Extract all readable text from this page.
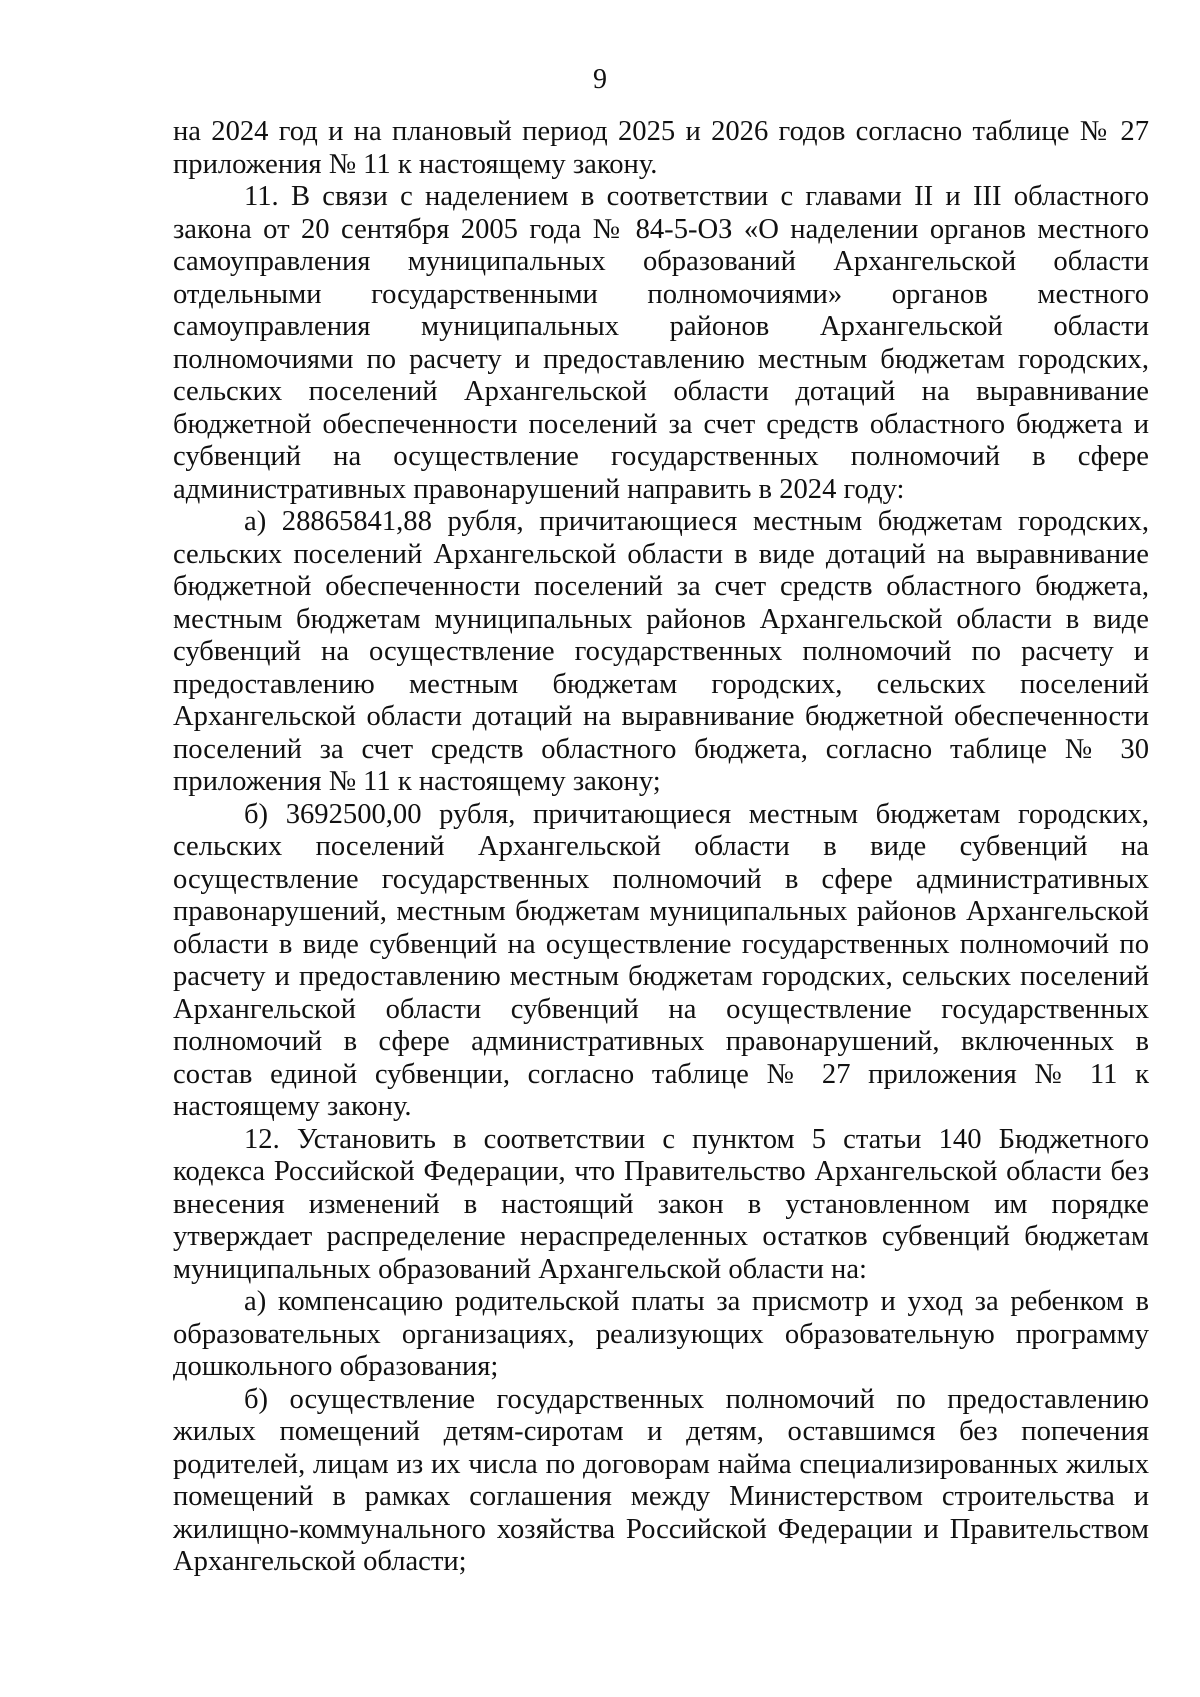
9

на 2024 год и на плановый период 2025 и 2026 годов согласно таблице № 27 приложения № 11 к настоящему закону.

11. В связи с наделением в соответствии с главами II и III областного закона от 20 сентября 2005 года № 84-5-ОЗ «О наделении органов местного самоуправления муниципальных образований Архангельской области отдельными государственными полномочиями» органов местного самоуправления муниципальных районов Архангельской области полномочиями по расчету и предоставлению местным бюджетам городских, сельских поселений Архангельской области дотаций на выравнивание бюджетной обеспеченности поселений за счет средств областного бюджета и субвенций на осуществление государственных полномочий в сфере административных правонарушений направить в 2024 году:

а) 28865841,88 рубля, причитающиеся местным бюджетам городских, сельских поселений Архангельской области в виде дотаций на выравнивание бюджетной обеспеченности поселений за счет средств областного бюджета, местным бюджетам муниципальных районов Архангельской области в виде субвенций на осуществление государственных полномочий по расчету и предоставлению местным бюджетам городских, сельских поселений Архангельской области дотаций на выравнивание бюджетной обеспеченности поселений за счет средств областного бюджета, согласно таблице № 30 приложения № 11 к настоящему закону;

б) 3692500,00 рубля, причитающиеся местным бюджетам городских, сельских поселений Архангельской области в виде субвенций на осуществление государственных полномочий в сфере административных правонарушений, местным бюджетам муниципальных районов Архангельской области в виде субвенций на осуществление государственных полномочий по расчету и предоставлению местным бюджетам городских, сельских поселений Архангельской области субвенций на осуществление государственных полномочий в сфере административных правонарушений, включенных в состав единой субвенции, согласно таблице № 27 приложения № 11 к настоящему закону.

12. Установить в соответствии с пунктом 5 статьи 140 Бюджетного кодекса Российской Федерации, что Правительство Архангельской области без внесения изменений в настоящий закон в установленном им порядке утверждает распределение нераспределенных остатков субвенций бюджетам муниципальных образований Архангельской области на:

а) компенсацию родительской платы за присмотр и уход за ребенком в образовательных организациях, реализующих образовательную программу дошкольного образования;

б) осуществление государственных полномочий по предоставлению жилых помещений детям-сиротам и детям, оставшимся без попечения родителей, лицам из их числа по договорам найма специализированных жилых помещений в рамках соглашения между Министерством строительства и жилищно-коммунального хозяйства Российской Федерации и Правительством Архангельской области;
